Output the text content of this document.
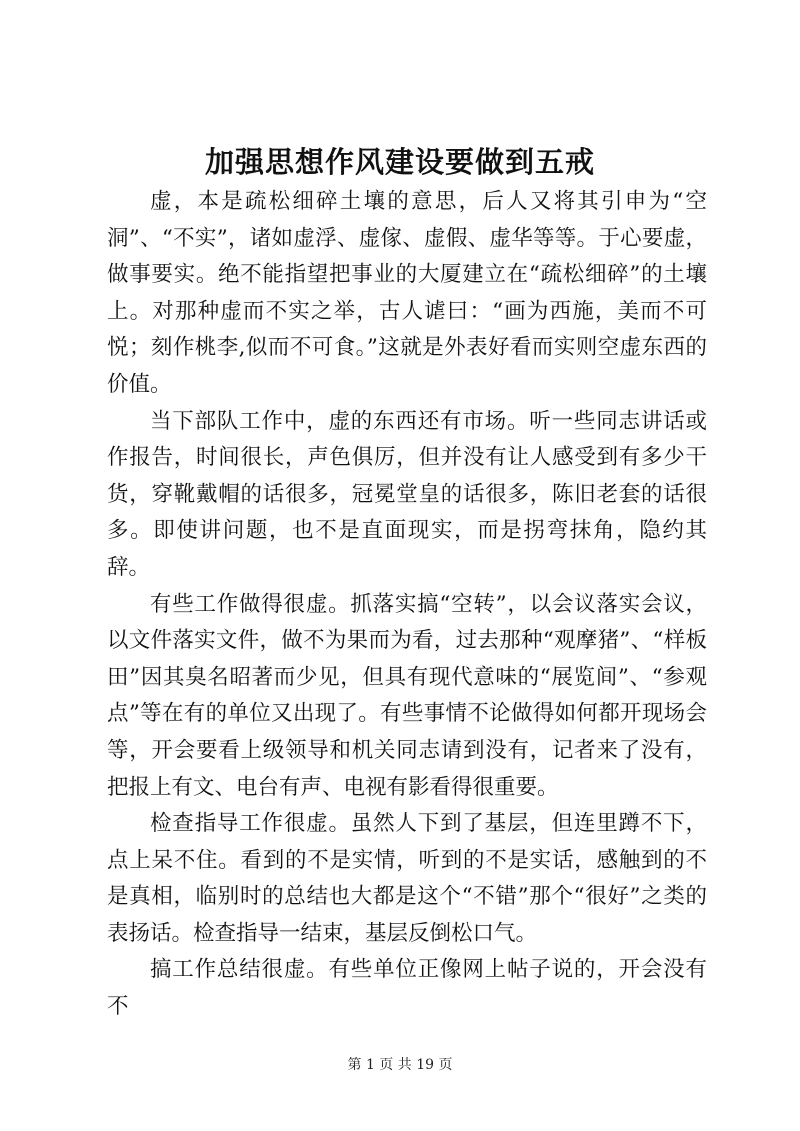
加强思想作风建设要做到五戒

虚，本是疏松细碎土壤的意思，后人又将其引申为“空洞”、“不实”，诸如虚浮、虚傢、虚假、虚华等等。于心要虚，做事要实。绝不能指望把事业的大厦建立在“疏松细碎”的土壤上。对那种虚而不实之举，古人谑曰：“画为西施，美而不可悦；刻作桃李,似而不可食。”这就是外表好看而实则空虚东西的价值。

当下部队工作中，虚的东西还有市场。听一些同志讲话或作报告，时间很长，声色俱厉，但并没有让人感受到有多少干货，穿靴戴帽的话很多，冠冕堂皇的话很多，陈旧老套的话很多。即使讲问题，也不是直面现实，而是拐弯抹角，隐约其辞。

有些工作做得很虚。抓落实搞“空转”，以会议落实会议，以文件落实文件，做不为果而为看，过去那种“观摩猪”、“样板田”因其臭名昭著而少见，但具有现代意味的“展览间”、“参观点”等在有的单位又出现了。有些事情不论做得如何都开现场会等，开会要看上级领导和机关同志请到没有，记者来了没有，把报上有文、电台有声、电视有影看得很重要。

检查指导工作很虚。虽然人下到了基层，但连里蹲不下，点上呆不住。看到的不是实情，听到的不是实话，感触到的不是真相，临别时的总结也大都是这个“不错”那个“很好”之类的表扬话。检查指导一结束，基层反倒松口气。

搞工作总结很虚。有些单位正像网上帖子说的，开会没有不

第 1 页 共 19 页
